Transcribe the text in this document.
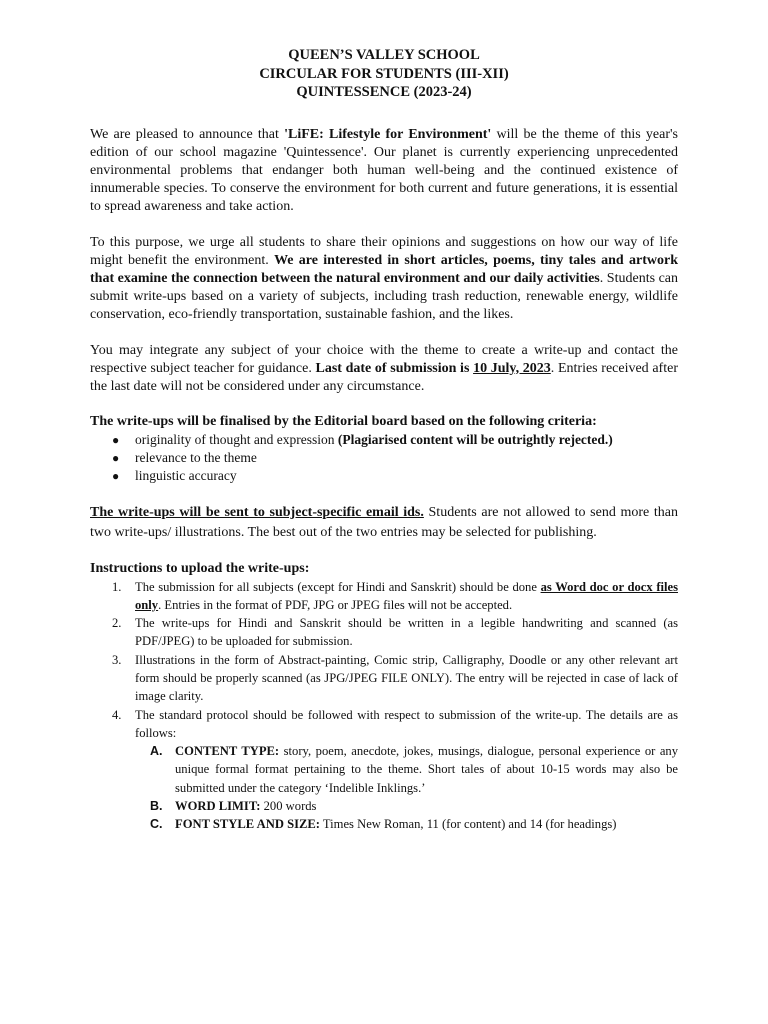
QUEEN’S VALLEY SCHOOL
CIRCULAR FOR STUDENTS (III-XII)
QUINTESSENCE (2023-24)

We are pleased to announce that 'LiFE: Lifestyle for Environment' will be the theme of this year's edition of our school magazine 'Quintessence'. Our planet is currently experiencing unprecedented environmental problems that endanger both human well-being and the continued existence of innumerable species. To conserve the environment for both current and future generations, it is essential to spread awareness and take action.

To this purpose, we urge all students to share their opinions and suggestions on how our way of life might benefit the environment. We are interested in short articles, poems, tiny tales and artwork that examine the connection between the natural environment and our daily activities. Students can submit write-ups based on a variety of subjects, including trash reduction, renewable energy, wildlife conservation, eco-friendly transportation, sustainable fashion, and the likes.

You may integrate any subject of your choice with the theme to create a write-up and contact the respective subject teacher for guidance. Last date of submission is 10 July, 2023. Entries received after the last date will not be considered under any circumstance.

The write-ups will be finalised by the Editorial board based on the following criteria:
● originality of thought and expression (Plagiarised content will be outrightly rejected.)
● relevance to the theme
● linguistic accuracy

The write-ups will be sent to subject-specific email ids. Students are not allowed to send more than two write-ups/ illustrations. The best out of the two entries may be selected for publishing.

Instructions to upload the write-ups:
1. The submission for all subjects (except for Hindi and Sanskrit) should be done as Word doc or docx files only. Entries in the format of PDF, JPG or JPEG files will not be accepted.
2. The write-ups for Hindi and Sanskrit should be written in a legible handwriting and scanned (as PDF/JPEG) to be uploaded for submission.
3. Illustrations in the form of Abstract-painting, Comic strip, Calligraphy, Doodle or any other relevant art form should be properly scanned (as JPG/JPEG FILE ONLY). The entry will be rejected in case of lack of image clarity.
4. The standard protocol should be followed with respect to submission of the write-up. The details are as follows:
A. CONTENT TYPE: story, poem, anecdote, jokes, musings, dialogue, personal experience or any unique formal format pertaining to the theme. Short tales of about 10-15 words may also be submitted under the category ‘Indelible Inklings.’
B. WORD LIMIT: 200 words
C. FONT STYLE AND SIZE: Times New Roman, 11 (for content) and 14 (for headings)
